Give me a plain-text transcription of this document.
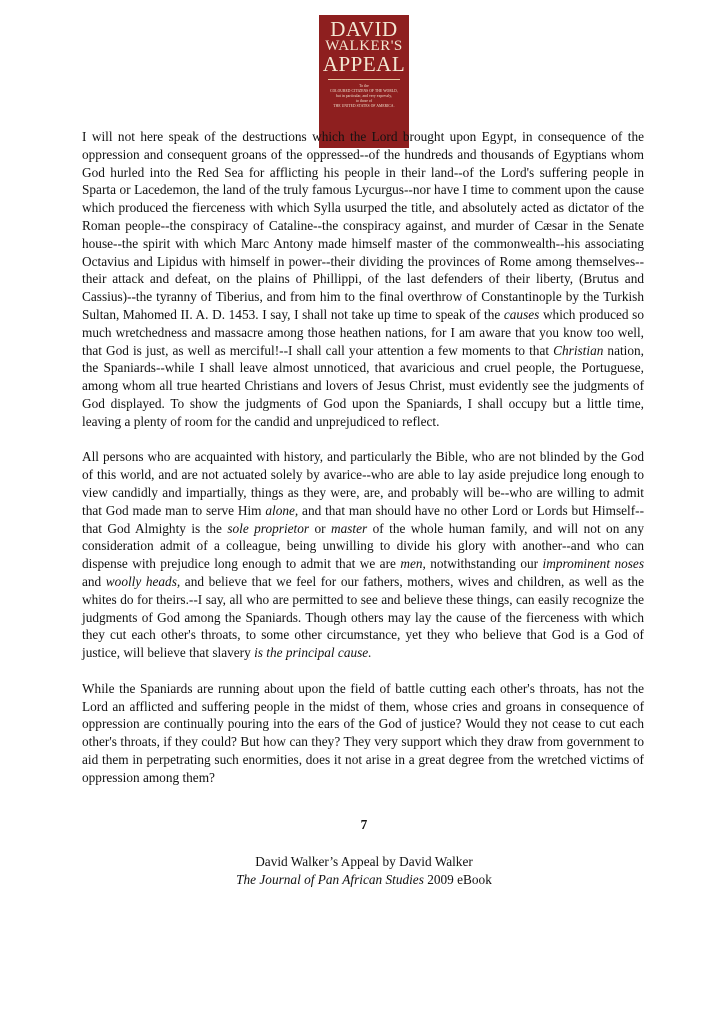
DAVID
WALKER'S
APPEAL
To the
COLOURED CITIZENS OF THE WORLD,
but in particular, and very expressly,
to those of
THE UNITED STATES OF AMERICA.

I will not here speak of the destructions which the Lord brought upon Egypt, in consequence of the oppression and consequent groans of the oppressed--of the hundreds and thousands of Egyptians whom God hurled into the Red Sea for afflicting his people in their land--of the Lord's suffering people in Sparta or Lacedemon, the land of the truly famous Lycurgus--nor have I time to comment upon the cause which produced the fierceness with which Sylla usurped the title, and absolutely acted as dictator of the Roman people--the conspiracy of Cataline--the conspiracy against, and murder of Cæsar in the Senate house--the spirit with which Marc Antony made himself master of the commonwealth--his associating Octavius and Lipidus with himself in power--their dividing the provinces of Rome among themselves--their attack and defeat, on the plains of Phillippi, of the last defenders of their liberty, (Brutus and Cassius)--the tyranny of Tiberius, and from him to the final overthrow of Constantinople by the Turkish Sultan, Mahomed II. A. D. 1453. I say, I shall not take up time to speak of the causes which produced so much wretchedness and massacre among those heathen nations, for I am aware that you know too well, that God is just, as well as merciful!--I shall call your attention a few moments to that Christian nation, the Spaniards--while I shall leave almost unnoticed, that avaricious and cruel people, the Portuguese, among whom all true hearted Christians and lovers of Jesus Christ, must evidently see the judgments of God displayed. To show the judgments of God upon the Spaniards, I shall occupy but a little time, leaving a plenty of room for the candid and unprejudiced to reflect.

All persons who are acquainted with history, and particularly the Bible, who are not blinded by the God of this world, and are not actuated solely by avarice--who are able to lay aside prejudice long enough to view candidly and impartially, things as they were, are, and probably will be--who are willing to admit that God made man to serve Him alone, and that man should have no other Lord or Lords but Himself--that God Almighty is the sole proprietor or master of the whole human family, and will not on any consideration admit of a colleague, being unwilling to divide his glory with another--and who can dispense with prejudice long enough to admit that we are men, notwithstanding our improminent noses and woolly heads, and believe that we feel for our fathers, mothers, wives and children, as well as the whites do for theirs.--I say, all who are permitted to see and believe these things, can easily recognize the judgments of God among the Spaniards. Though others may lay the cause of the fierceness with which they cut each other's throats, to some other circumstance, yet they who believe that God is a God of justice, will believe that slavery is the principal cause.

While the Spaniards are running about upon the field of battle cutting each other's throats, has not the Lord an afflicted and suffering people in the midst of them, whose cries and groans in consequence of oppression are continually pouring into the ears of the God of justice? Would they not cease to cut each other's throats, if they could? But how can they? They very support which they draw from government to aid them in perpetrating such enormities, does it not arise in a great degree from the wretched victims of oppression among them?

7
David Walker’s Appeal by David Walker
The Journal of Pan African Studies 2009 eBook
